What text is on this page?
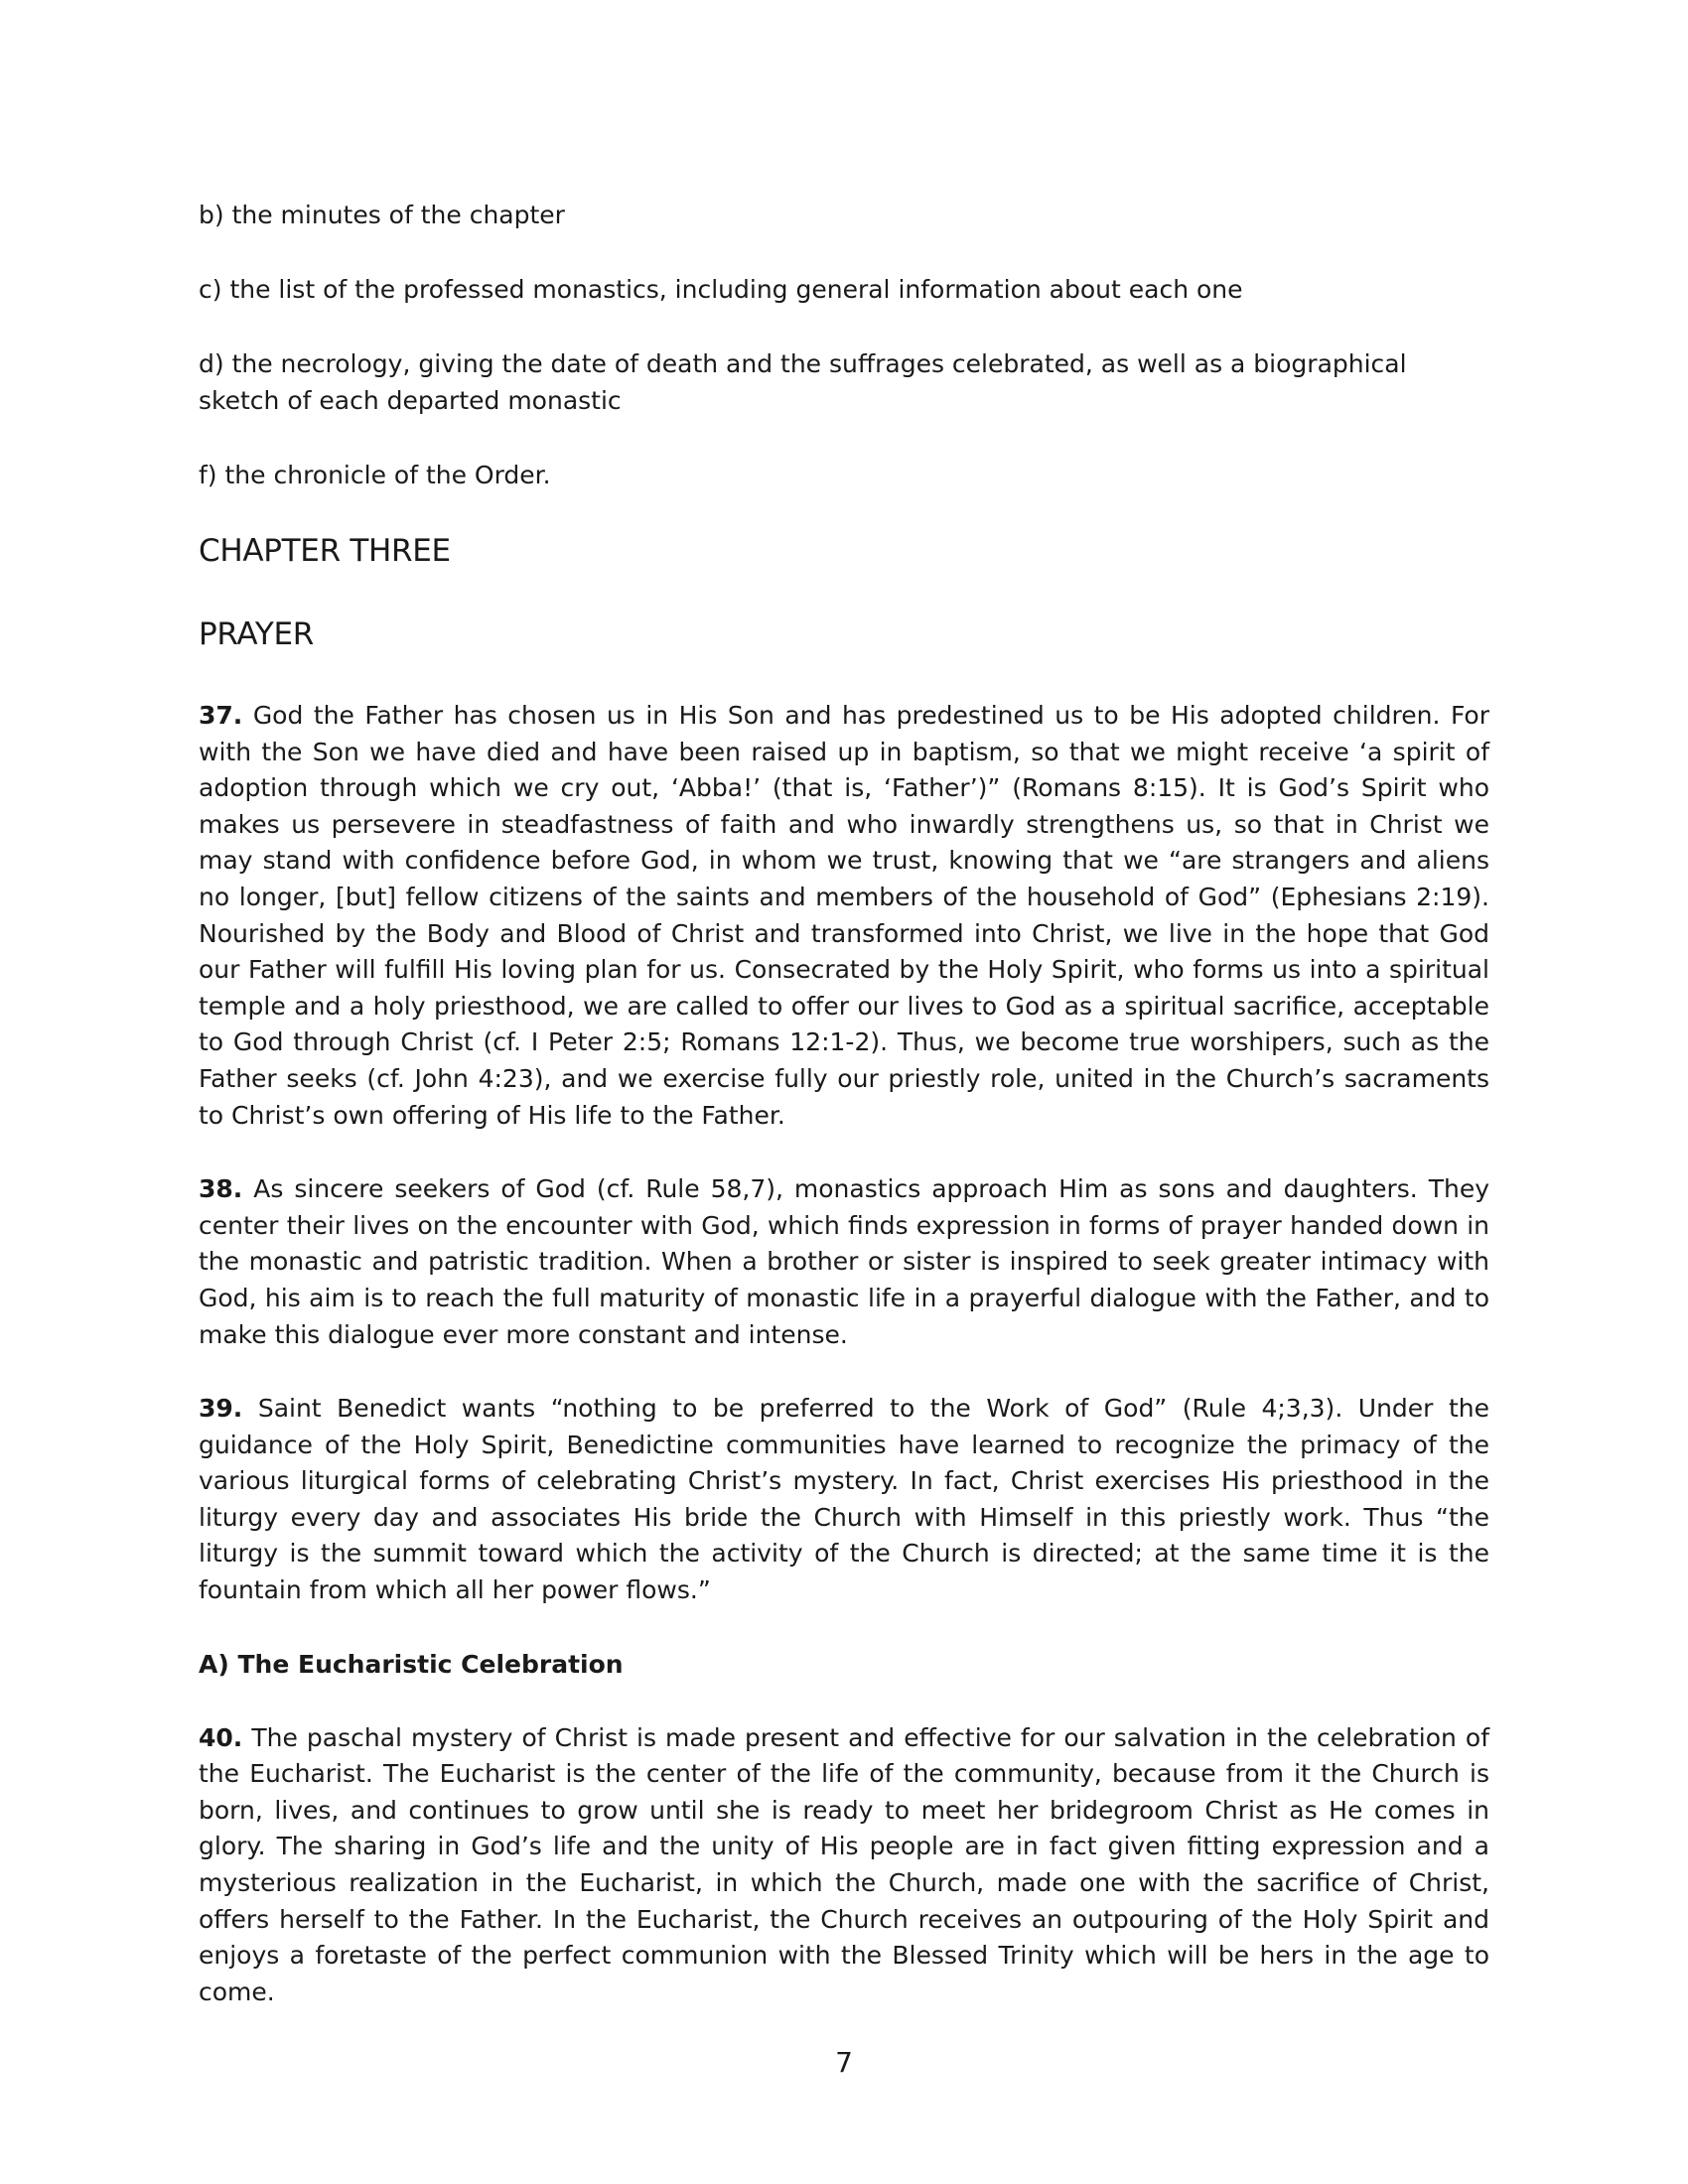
b) the minutes of the chapter

c) the list of the professed monastics, including general information about each one

d) the necrology, giving the date of death and the suffrages celebrated, as well as a biographical sketch of each departed monastic

f) the chronicle of the Order.

CHAPTER THREE
PRAYER

37. God the Father has chosen us in His Son and has predestined us to be His adopted children. For with the Son we have died and have been raised up in baptism, so that we might receive ‘a spirit of adoption through which we cry out, ‘Abba!’ (that is, ‘Father’)” (Romans 8:15). It is God’s Spirit who makes us persevere in steadfastness of faith and who inwardly strengthens us, so that in Christ we may stand with confidence before God, in whom we trust, knowing that we “are strangers and aliens no longer, [but] fellow citizens of the saints and members of the household of God” (Ephesians 2:19). Nourished by the Body and Blood of Christ and transformed into Christ, we live in the hope that God our Father will fulfill His loving plan for us. Consecrated by the Holy Spirit, who forms us into a spiritual temple and a holy priesthood, we are called to offer our lives to God as a spiritual sacrifice, acceptable to God through Christ (cf. I Peter 2:5; Romans 12:1-2). Thus, we become true worshipers, such as the Father seeks (cf. John 4:23), and we exercise fully our priestly role, united in the Church’s sacraments to Christ’s own offering of His life to the Father.

38. As sincere seekers of God (cf. Rule 58,7), monastics approach Him as sons and daughters. They center their lives on the encounter with God, which finds expression in forms of prayer handed down in the monastic and patristic tradition. When a brother or sister is inspired to seek greater intimacy with God, his aim is to reach the full maturity of monastic life in a prayerful dialogue with the Father, and to make this dialogue ever more constant and intense.

39. Saint Benedict wants “nothing to be preferred to the Work of God” (Rule 4;3,3). Under the guidance of the Holy Spirit, Benedictine communities have learned to recognize the primacy of the various liturgical forms of celebrating Christ’s mystery. In fact, Christ exercises His priesthood in the liturgy every day and associates His bride the Church with Himself in this priestly work. Thus “the liturgy is the summit toward which the activity of the Church is directed; at the same time it is the fountain from which all her power flows.”

A) The Eucharistic Celebration

40. The paschal mystery of Christ is made present and effective for our salvation in the celebration of the Eucharist. The Eucharist is the center of the life of the community, because from it the Church is born, lives, and continues to grow until she is ready to meet her bridegroom Christ as He comes in glory. The sharing in God’s life and the unity of His people are in fact given fitting expression and a mysterious realization in the Eucharist, in which the Church, made one with the sacrifice of Christ, offers herself to the Father. In the Eucharist, the Church receives an outpouring of the Holy Spirit and enjoys a foretaste of the perfect communion with the Blessed Trinity which will be hers in the age to come.

7
